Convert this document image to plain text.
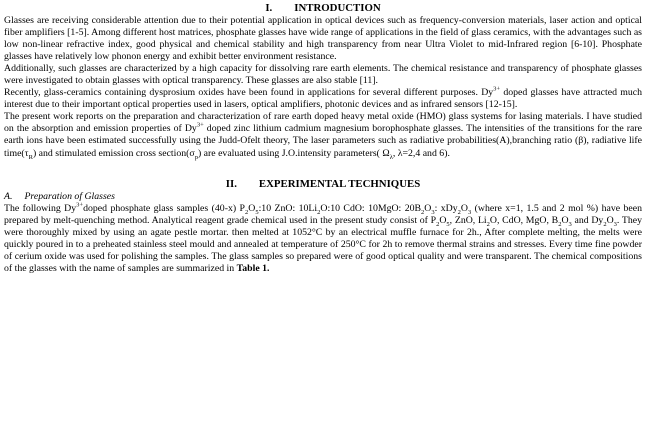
I. INTRODUCTION

Glasses are receiving considerable attention due to their potential application in optical devices such as frequency-conversion materials, laser action and optical fiber amplifiers [1-5]. Among different host matrices, phosphate glasses have wide range of applications in the field of glass ceramics, with the advantages such as low non-linear refractive index, good physical and chemical stability and high transparency from near Ultra Violet to mid-Infrared region [6-10]. Phosphate glasses have relatively low phonon energy and exhibit better environment resistance.

Additionally, such glasses are characterized by a high capacity for dissolving rare earth elements. The chemical resistance and transparency of phosphate glasses were investigated to obtain glasses with optical transparency. These glasses are also stable [11].

Recently, glass-ceramics containing dysprosium oxides have been found in applications for several different purposes. $Dy^{3+}$ doped glasses have attracted much interest due to their important optical properties used in lasers, optical amplifiers, photonic devices and as infrared sensors [12-15].

The present work reports on the preparation and characterization of rare earth doped heavy metal oxide (HMO) glass systems for lasing materials. I have studied on the absorption and emission properties of $Dy^{3+}$ doped zinc lithium cadmium magnesium borophosphate glasses. The intensities of the transitions for the rare earth ions have been estimated successfully using the Judd-Ofelt theory, The laser parameters such as radiative probabilities(A),branching ratio (β), radiative life $time(\tau_R)$ and stimulated emission cross $section(\sigma_p)$ are evaluated using J.O.intensity parameters( $\Omega_\lambda$, λ=2,4 and 6).

II. EXPERIMENTAL TECHNIQUES
A. Preparation of Glasses

The following $Dy^{3+}doped$ phosphate glass samples (40-x) $P_2O_5:10$ ZnO: $10Li_2O:10$ CdO: 10MgO: $20B_2O_3$: $xDy_2O_3$ (where x=1, 1.5 and 2 mol %) have been prepared by melt-quenching method. Analytical reagent grade chemical used in the present study consist of $P_2O_5$, ZnO, $Li_2O$, CdO, MgO, $B_2O_3$ and $Dy_2O_3$. They were thoroughly mixed by using an agate pestle mortar. then melted at 1052°C by an electrical muffle furnace for 2h., After complete melting, the melts were quickly poured in to a preheated stainless steel mould and annealed at temperature of 250°C for 2h to remove thermal strains and stresses. Every time fine powder of cerium oxide was used for polishing the samples. The glass samples so prepared were of good optical quality and were transparent. The chemical compositions of the glasses with the name of samples are summarized in Table 1.
